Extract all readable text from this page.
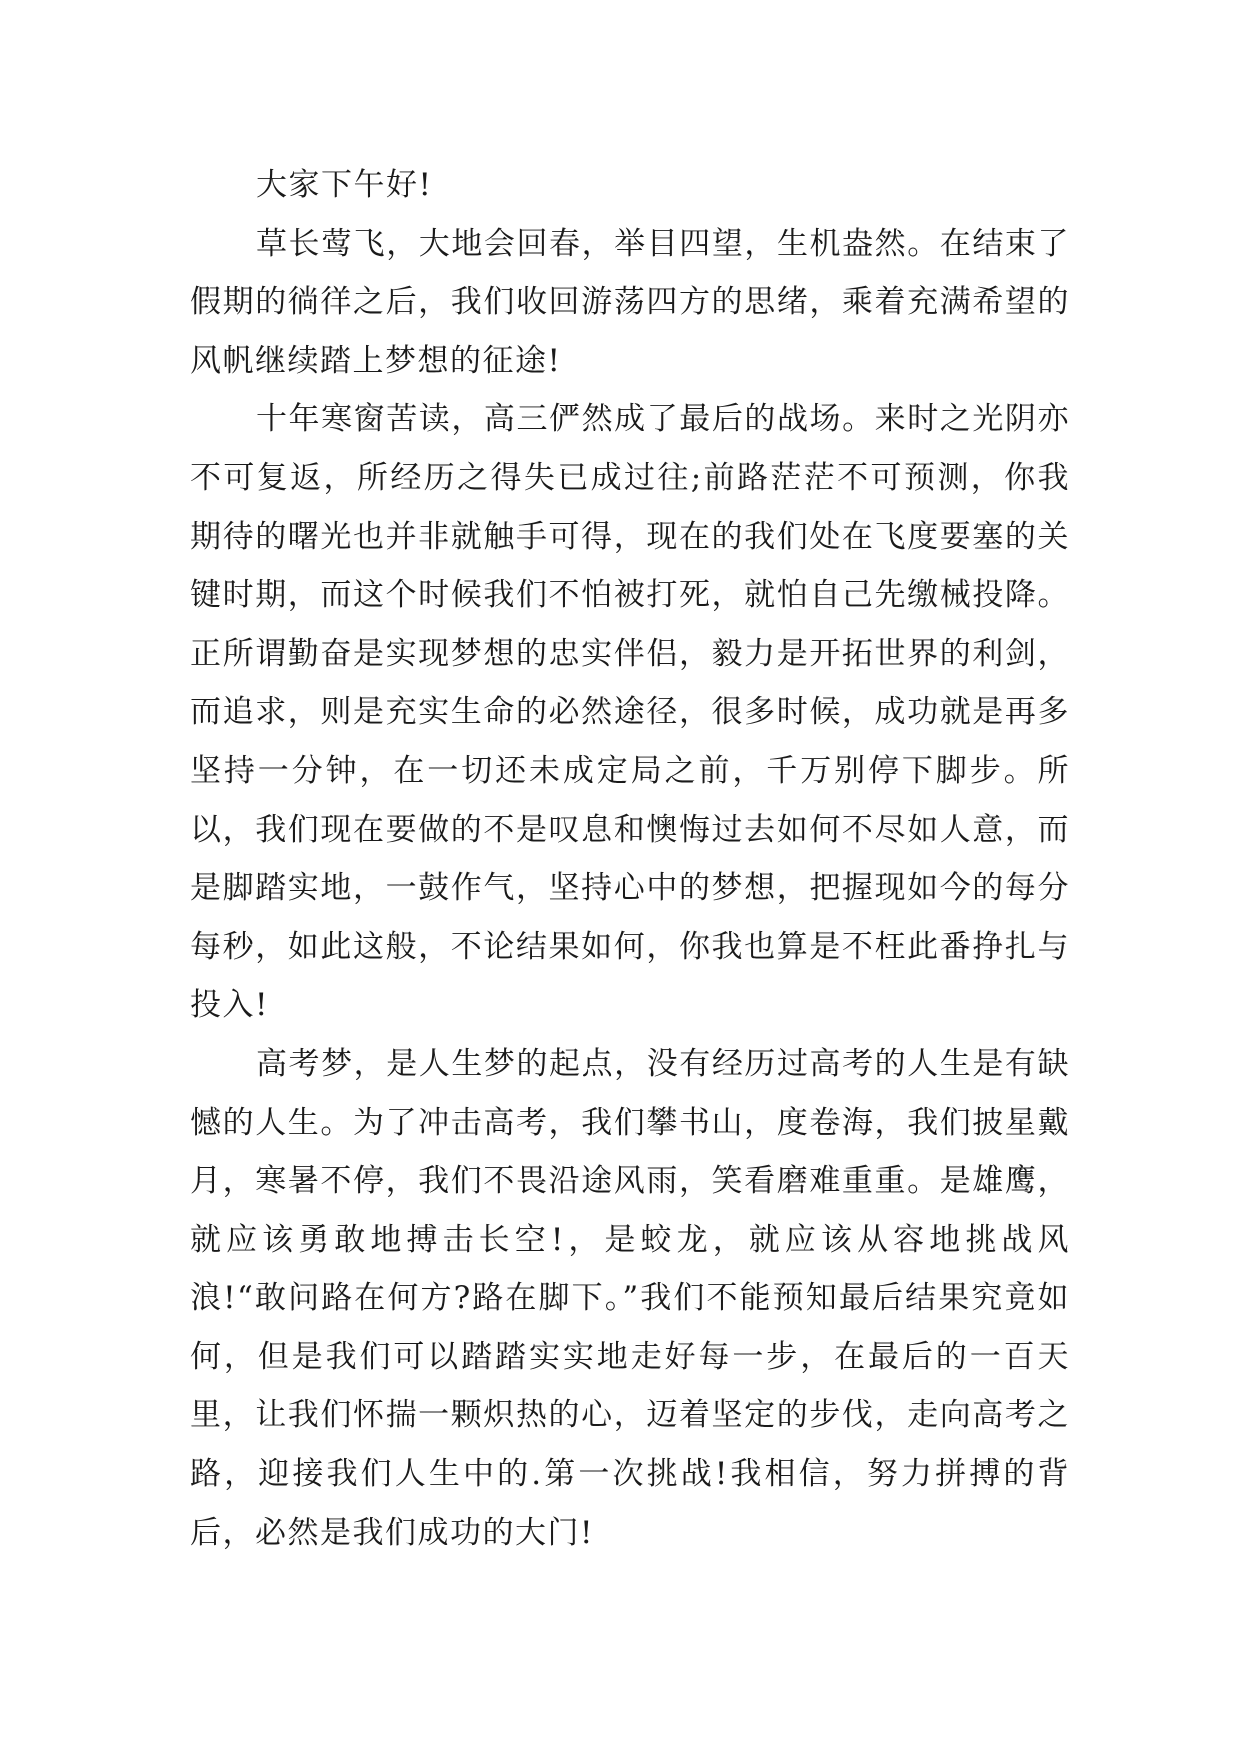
大家下午好!

草长莺飞，大地会回春，举目四望，生机盎然。在结束了假期的徜徉之后，我们收回游荡四方的思绪，乘着充满希望的风帆继续踏上梦想的征途!

十年寒窗苦读，高三俨然成了最后的战场。来时之光阴亦不可复返，所经历之得失已成过往;前路茫茫不可预测，你我期待的曙光也并非就触手可得，现在的我们处在飞度要塞的关键时期，而这个时候我们不怕被打死，就怕自己先缴械投降。正所谓勤奋是实现梦想的忠实伴侣，毅力是开拓世界的利剑，而追求，则是充实生命的必然途径，很多时候，成功就是再多坚持一分钟，在一切还未成定局之前，千万别停下脚步。所以，我们现在要做的不是叹息和懊悔过去如何不尽如人意，而是脚踏实地，一鼓作气，坚持心中的梦想，把握现如今的每分每秒，如此这般，不论结果如何，你我也算是不枉此番挣扎与投入!

高考梦，是人生梦的起点，没有经历过高考的人生是有缺憾的人生。为了冲击高考，我们攀书山，度卷海，我们披星戴月，寒暑不停，我们不畏沿途风雨，笑看磨难重重。是雄鹰，就应该勇敢地搏击长空!，是蛟龙，就应该从容地挑战风浪!“敢问路在何方?路在脚下。”我们不能预知最后结果究竟如何，但是我们可以踏踏实实地走好每一步，在最后的一百天里，让我们怀揣一颗炽热的心，迈着坚定的步伐，走向高考之路，迎接我们人生中的.第一次挑战!我相信，努力拼搏的背后，必然是我们成功的大门!
